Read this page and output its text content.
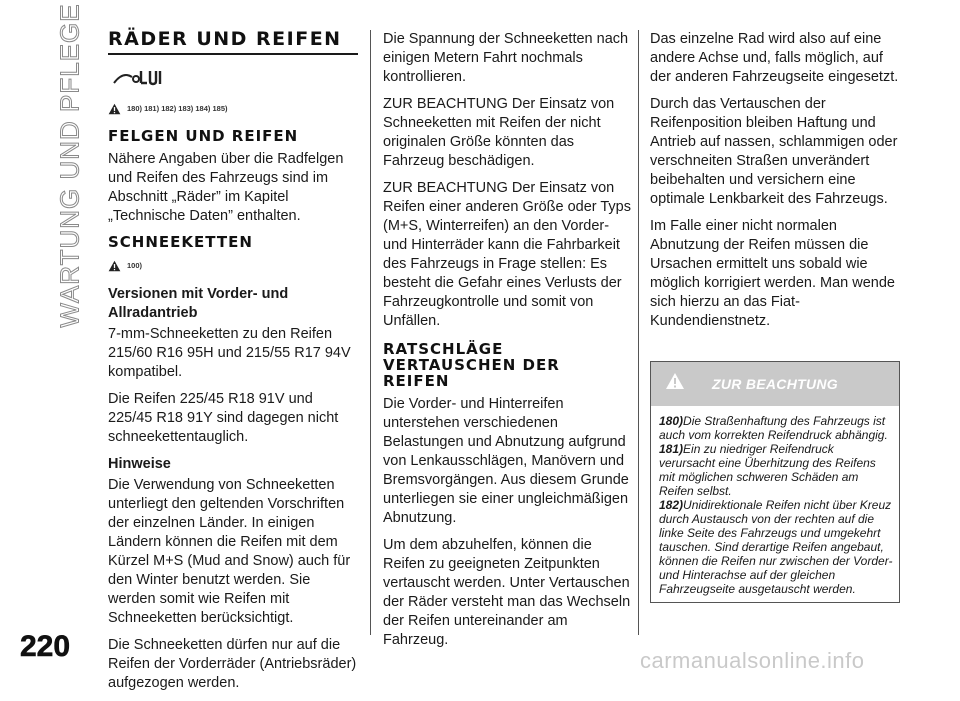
WARTUNG UND PFLEGE
220	carmanualsonline.info
RÄDER UND REIFEN
180) 181) 182) 183) 184) 185)
FELGEN UND REIFEN

Nähere Angaben über die Radfelgen und Reifen des Fahrzeugs sind im Abschnitt „Räder” im Kapitel „Technische Daten” enthalten.

SCHNEEKETTEN
100)
Versionen mit Vorder- und Allradantrieb

7-mm-Schneeketten zu den Reifen 215/60 R16 95H und 215/55 R17 94V kompatibel.

Die Reifen 225/45 R18 91V und 225/45 R18 91Y sind dagegen nicht schneekettentauglich.

Hinweise

Die Verwendung von Schneeketten unterliegt den geltenden Vorschriften der einzelnen Länder. In einigen Ländern können die Reifen mit dem Kürzel M+S (Mud and Snow) auch für den Winter benutzt werden. Sie werden somit wie Reifen mit Schneeketten berücksichtigt.

Die Schneeketten dürfen nur auf die Reifen der Vorderräder (Antriebsräder) aufgezogen werden.

Die Spannung der Schneeketten nach einigen Metern Fahrt nochmals kontrollieren.

ZUR BEACHTUNG Der Einsatz von Schneeketten mit Reifen der nicht originalen Größe könnten das Fahrzeug beschädigen.

ZUR BEACHTUNG Der Einsatz von Reifen einer anderen Größe oder Typs (M+S, Winterreifen) an den Vorder- und Hinterräder kann die Fahrbarkeit des Fahrzeugs in Frage stellen: Es besteht die Gefahr eines Verlusts der Fahrzeugkontrolle und somit von Unfällen.

RATSCHLÄGE VERTAUSCHEN DER REIFEN

Die Vorder- und Hinterreifen unterstehen verschiedenen Belastungen und Abnutzung aufgrund von Lenkausschlägen, Manövern und Bremsvorgängen. Aus diesem Grunde unterliegen sie einer ungleichmäßigen Abnutzung.

Um dem abzuhelfen, können die Reifen zu geeigneten Zeitpunkten vertauscht werden. Unter Vertauschen der Räder versteht man das Wechseln der Reifen untereinander am Fahrzeug.

Das einzelne Rad wird also auf eine andere Achse und, falls möglich, auf der anderen Fahrzeugseite eingesetzt.

Durch das Vertauschen der Reifenposition bleiben Haftung und Antrieb auf nassen, schlammigen oder verschneiten Straßen unverändert beibehalten und versichern eine optimale Lenkbarkeit des Fahrzeugs.

Im Falle einer nicht normalen Abnutzung der Reifen müssen die Ursachen ermittelt uns sobald wie möglich korrigiert werden. Man wende sich hierzu an das Fiat-Kundendienstnetz.

ZUR BEACHTUNG

180)Die Straßenhaftung des Fahrzeugs ist auch vom korrekten Reifendruck abhängig.

181)Ein zu niedriger Reifendruck verursacht eine Überhitzung des Reifens mit möglichen schweren Schäden am Reifen selbst.

182)Unidirektionale Reifen nicht über Kreuz durch Austausch von der rechten auf die linke Seite des Fahrzeugs und umgekehrt tauschen. Sind derartige Reifen angebaut, können die Reifen nur zwischen der Vorder- und Hinterachse auf der gleichen Fahrzeugseite ausgetauscht werden.
